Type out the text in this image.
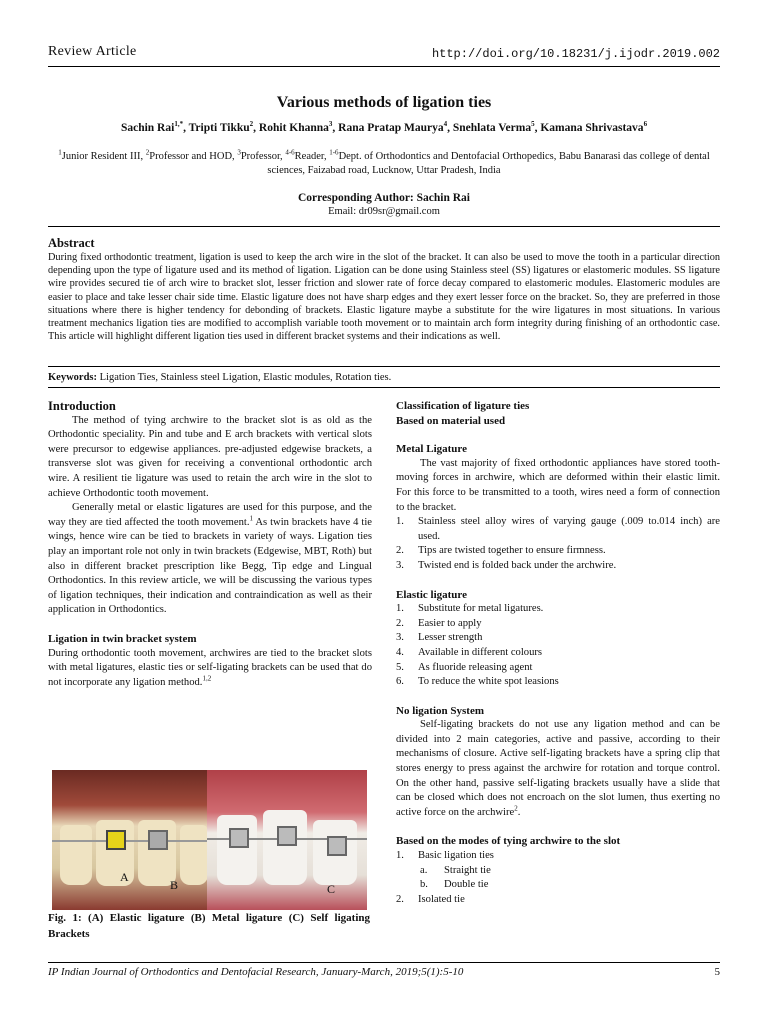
Review Article	http://doi.org/10.18231/j.ijodr.2019.002
Various methods of ligation ties
Sachin Rai$^{1,*}$, Tripti Tikku$^2$, Rohit Khanna$^3$, Rana Pratap Maurya$^4$, Snehlata Verma$^5$, Kamana Shrivastava$^6$
$^1$Junior Resident III, $^2$Professor and HOD, $^3$Professor, $^{4-6}$Reader, $^{1-6}$Dept. of Orthodontics and Dentofacial Orthopedics, Babu Banarasi das college of dental sciences, Faizabad road, Lucknow, Uttar Pradesh, India
Corresponding Author: Sachin Rai
Email: dr09sr@gmail.com
Abstract
During fixed orthodontic treatment, ligation is used to keep the arch wire in the slot of the bracket. It can also be used to move the tooth in a particular direction depending upon the type of ligature used and its method of ligation. Ligation can be done using Stainless steel (SS) ligatures or elastomeric modules. SS ligature wire provides secured tie of arch wire to bracket slot, lesser friction and slower rate of force decay compared to elastomeric modules. Elastomeric modules are easier to place and take lesser chair side time. Elastic ligature does not have sharp edges and they exert lesser force on the bracket. So, they are preferred in those situations where there is higher tendency for debonding of brackets. Elastic ligature maybe a substitute for the wire ligatures in most situations. In various treatment mechanics ligation ties are modified to accomplish variable tooth movement or to maintain arch form integrity during finishing of an orthodontic case. This article will highlight different ligation ties used in different bracket systems and their indications as well.
Keywords: Ligation Ties, Stainless steel Ligation, Elastic modules, Rotation ties.
Introduction

The method of tying archwire to the bracket slot is as old as the Orthodontic speciality. Pin and tube and E arch brackets with vertical slots were precursor to edgewise appliances. pre-adjusted edgewise brackets, a transverse slot was given for receiving a conventional orthodontic arch wire. A resilient tie ligature was used to retain the arch wire in the slot to achieve Orthodontic tooth movement.

Generally metal or elastic ligatures are used for this purpose, and the way they are tied affected the tooth movement.$^1$ As twin brackets have 4 tie wings, hence wire can be tied to brackets in variety of ways. Ligation ties play an important role not only in twin brackets (Edgewise, MBT, Roth) but also in different bracket prescription like Begg, Tip edge and Lingual Orthodontics. In this review article, we will be discussing the various types of ligation techniques, their indication and contraindication as well as their application in Orthodontics.

Ligation in twin bracket system

During orthodontic tooth movement, archwires are tied to the bracket slots with metal ligatures, elastic ties or self-ligating brackets can be used that do not incorporate any ligation method.$^{1,2}$

A
B	C
Fig. 1: (A) Elastic ligature (B) Metal ligature (C) Self ligating Brackets
Classification of ligature ties
Based on material used
Metal Ligature

The vast majority of fixed orthodontic appliances have stored tooth-moving forces in archwire, which are deformed within their elastic limit. For this force to be transmitted to a tooth, wires need a form of connection to the bracket.

1. Stainless steel alloy wires of varying gauge (.009 to.014 inch) are used.
2. Tips are twisted together to ensure firmness.
3. Twisted end is folded back under the archwire.
Elastic ligature
1. Substitute for metal ligatures.
2. Easier to apply
3. Lesser strength
4. Available in different colours
5. As fluoride releasing agent
6. To reduce the white spot leasions
No ligation System

Self-ligating brackets do not use any ligation method and can be divided into 2 main categories, active and passive, according to their mechanisms of closure. Active self-ligating brackets have a spring clip that stores energy to press against the archwire for rotation and torque control. On the other hand, passive self-ligating brackets usually have a slide that can be closed which does not encroach on the slot lumen, thus exerting no active force on the archwire$^2$.

Based on the modes of tying archwire to the slot
1. Basic ligation ties
a. Straight tie
b. Double tie
2. Isolated tie
IP Indian Journal of Orthodontics and Dentofacial Research, January-March, 2019;5(1):5-10	5
